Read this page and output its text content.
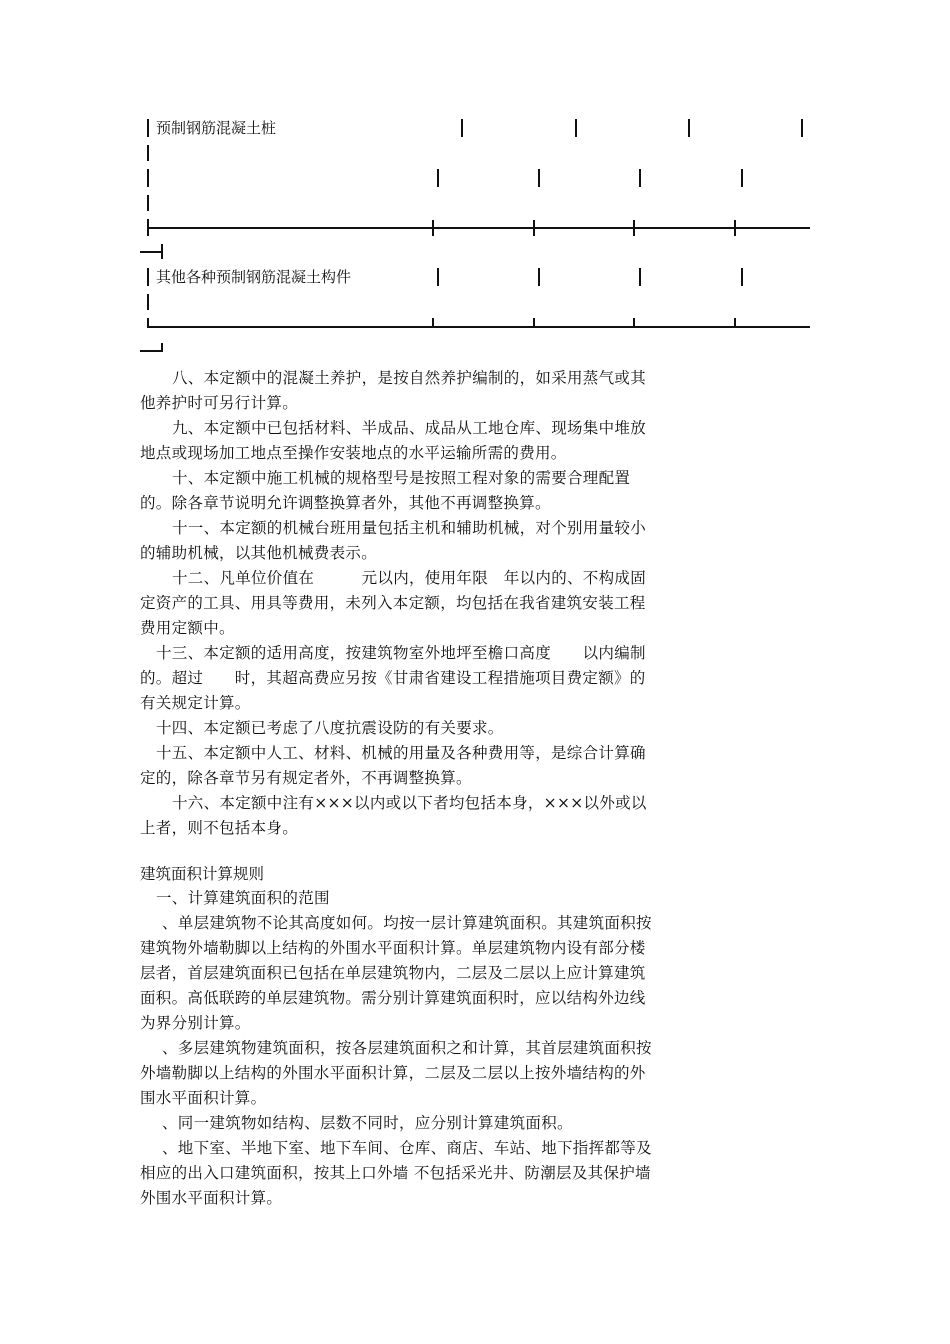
预制钢筋混凝土桩
其他各种预制钢筋混凝土构件

八、本定额中的混凝土养护，是按自然养护编制的，如采用蒸气或其他养护时可另行计算。

九、本定额中已包括材料、半成品、成品从工地仓库、现场集中堆放地点或现场加工地点至操作安装地点的水平运输所需的费用。

十、本定额中施工机械的规格型号是按照工程对象的需要合理配置的。除各章节说明允许调整换算者外，其他不再调整换算。

十一、本定额的机械台班用量包括主机和辅助机械，对个别用量较小的辅助机械，以其他机械费表示。

十二、凡单位价值在　　　元以内，使用年限　年以内的、不构成固定资产的工具、用具等费用，未列入本定额，均包括在我省建筑安装工程费用定额中。

十三、本定额的适用高度，按建筑物室外地坪至檐口高度　　以内编制的。超过　　时，其超高费应另按《甘肃省建设工程措施项目费定额》的有关规定计算。

十四、本定额已考虑了八度抗震设防的有关要求。

十五、本定额中人工、材料、机械的用量及各种费用等，是综合计算确定的，除各章节另有规定者外，不再调整换算。

十六、本定额中注有×××以内或以下者均包括本身，×××以外或以上者，则不包括本身。

建筑面积计算规则

一、计算建筑面积的范围

、单层建筑物不论其高度如何。均按一层计算建筑面积。其建筑面积按建筑物外墙勒脚以上结构的外围水平面积计算。单层建筑物内设有部分楼层者，首层建筑面积已包括在单层建筑物内，二层及二层以上应计算建筑面积。高低联跨的单层建筑物。需分别计算建筑面积时，应以结构外边线为界分别计算。

、多层建筑物建筑面积，按各层建筑面积之和计算，其首层建筑面积按外墙勒脚以上结构的外围水平面积计算，二层及二层以上按外墙结构的外围水平面积计算。

、同一建筑物如结构、层数不同时，应分别计算建筑面积。

、地下室、半地下室、地下车间、仓库、商店、车站、地下指挥都等及相应的出入口建筑面积，按其上口外墙 不包括采光井、防潮层及其保护墙 外围水平面积计算。
